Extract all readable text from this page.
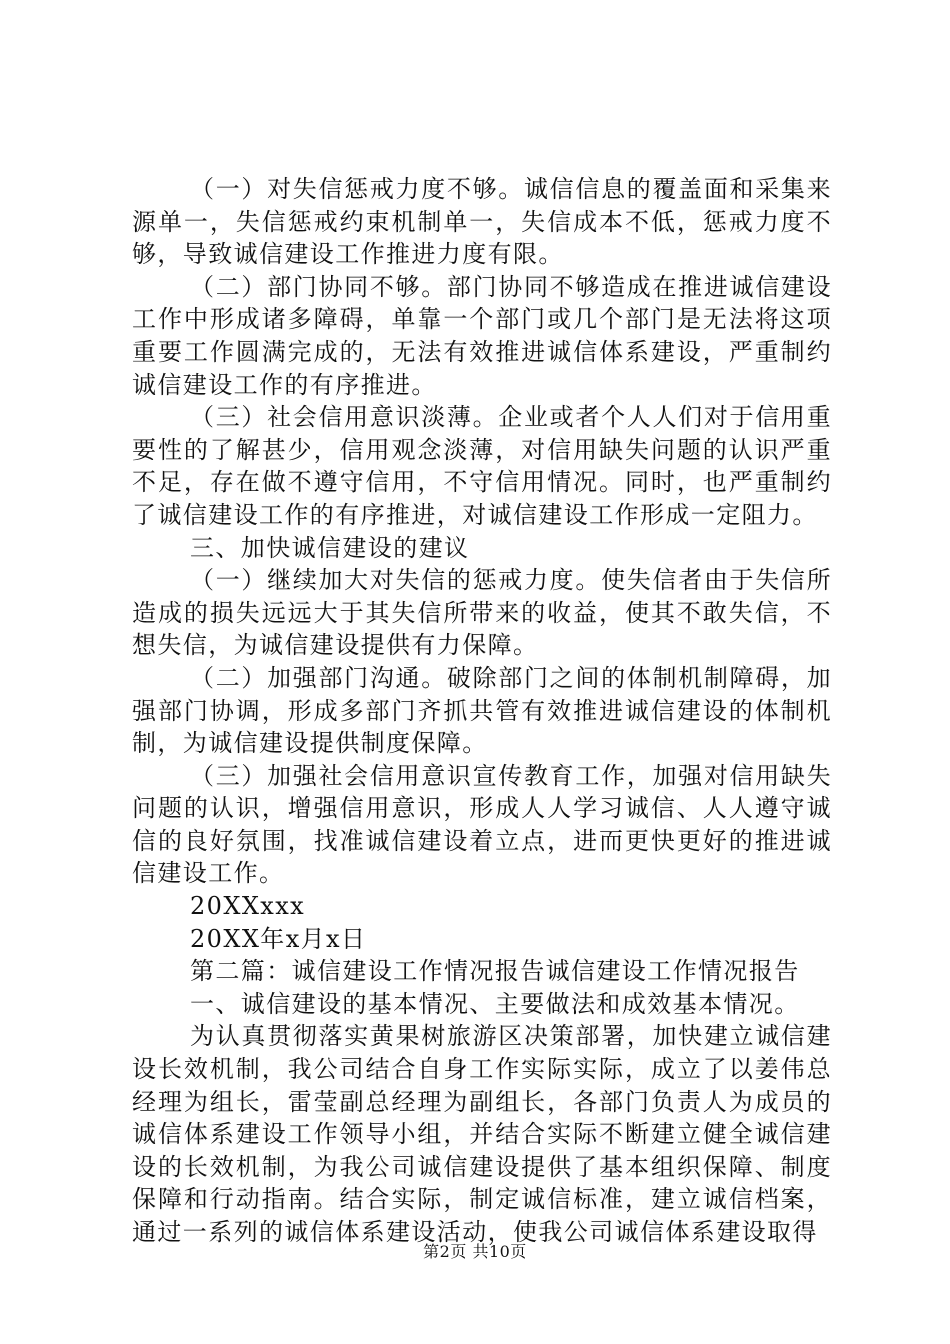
（一）对失信惩戒力度不够。诚信信息的覆盖面和采集来源单一，失信惩戒约束机制单一，失信成本不低，惩戒力度不够，导致诚信建设工作推进力度有限。

（二）部门协同不够。部门协同不够造成在推进诚信建设工作中形成诸多障碍，单靠一个部门或几个部门是无法将这项重要工作圆满完成的，无法有效推进诚信体系建设，严重制约诚信建设工作的有序推进。

（三）社会信用意识淡薄。企业或者个人人们对于信用重要性的了解甚少，信用观念淡薄，对信用缺失问题的认识严重不足，存在做不遵守信用，不守信用情况。同时，也严重制约了诚信建设工作的有序推进，对诚信建设工作形成一定阻力。

三、加快诚信建设的建议

（一）继续加大对失信的惩戒力度。使失信者由于失信所造成的损失远远大于其失信所带来的收益，使其不敢失信，不想失信，为诚信建设提供有力保障。

（二）加强部门沟通。破除部门之间的体制机制障碍，加强部门协调，形成多部门齐抓共管有效推进诚信建设的体制机制，为诚信建设提供制度保障。

（三）加强社会信用意识宣传教育工作，加强对信用缺失问题的认识，增强信用意识，形成人人学习诚信、人人遵守诚信的良好氛围，找准诚信建设着立点，进而更快更好的推进诚信建设工作。

20XXxxx

20XX年x月x日

第二篇：诚信建设工作情况报告诚信建设工作情况报告

一、诚信建设的基本情况、主要做法和成效基本情况。

为认真贯彻落实黄果树旅游区决策部署，加快建立诚信建设长效机制，我公司结合自身工作实际实际，成立了以姜伟总经理为组长，雷莹副总经理为副组长，各部门负责人为成员的诚信体系建设工作领导小组，并结合实际不断建立健全诚信建设的长效机制，为我公司诚信建设提供了基本组织保障、制度保障和行动指南。结合实际，制定诚信标准，建立诚信档案，通过一系列的诚信体系建设活动，使我公司诚信体系建设取得

第2页 共10页
